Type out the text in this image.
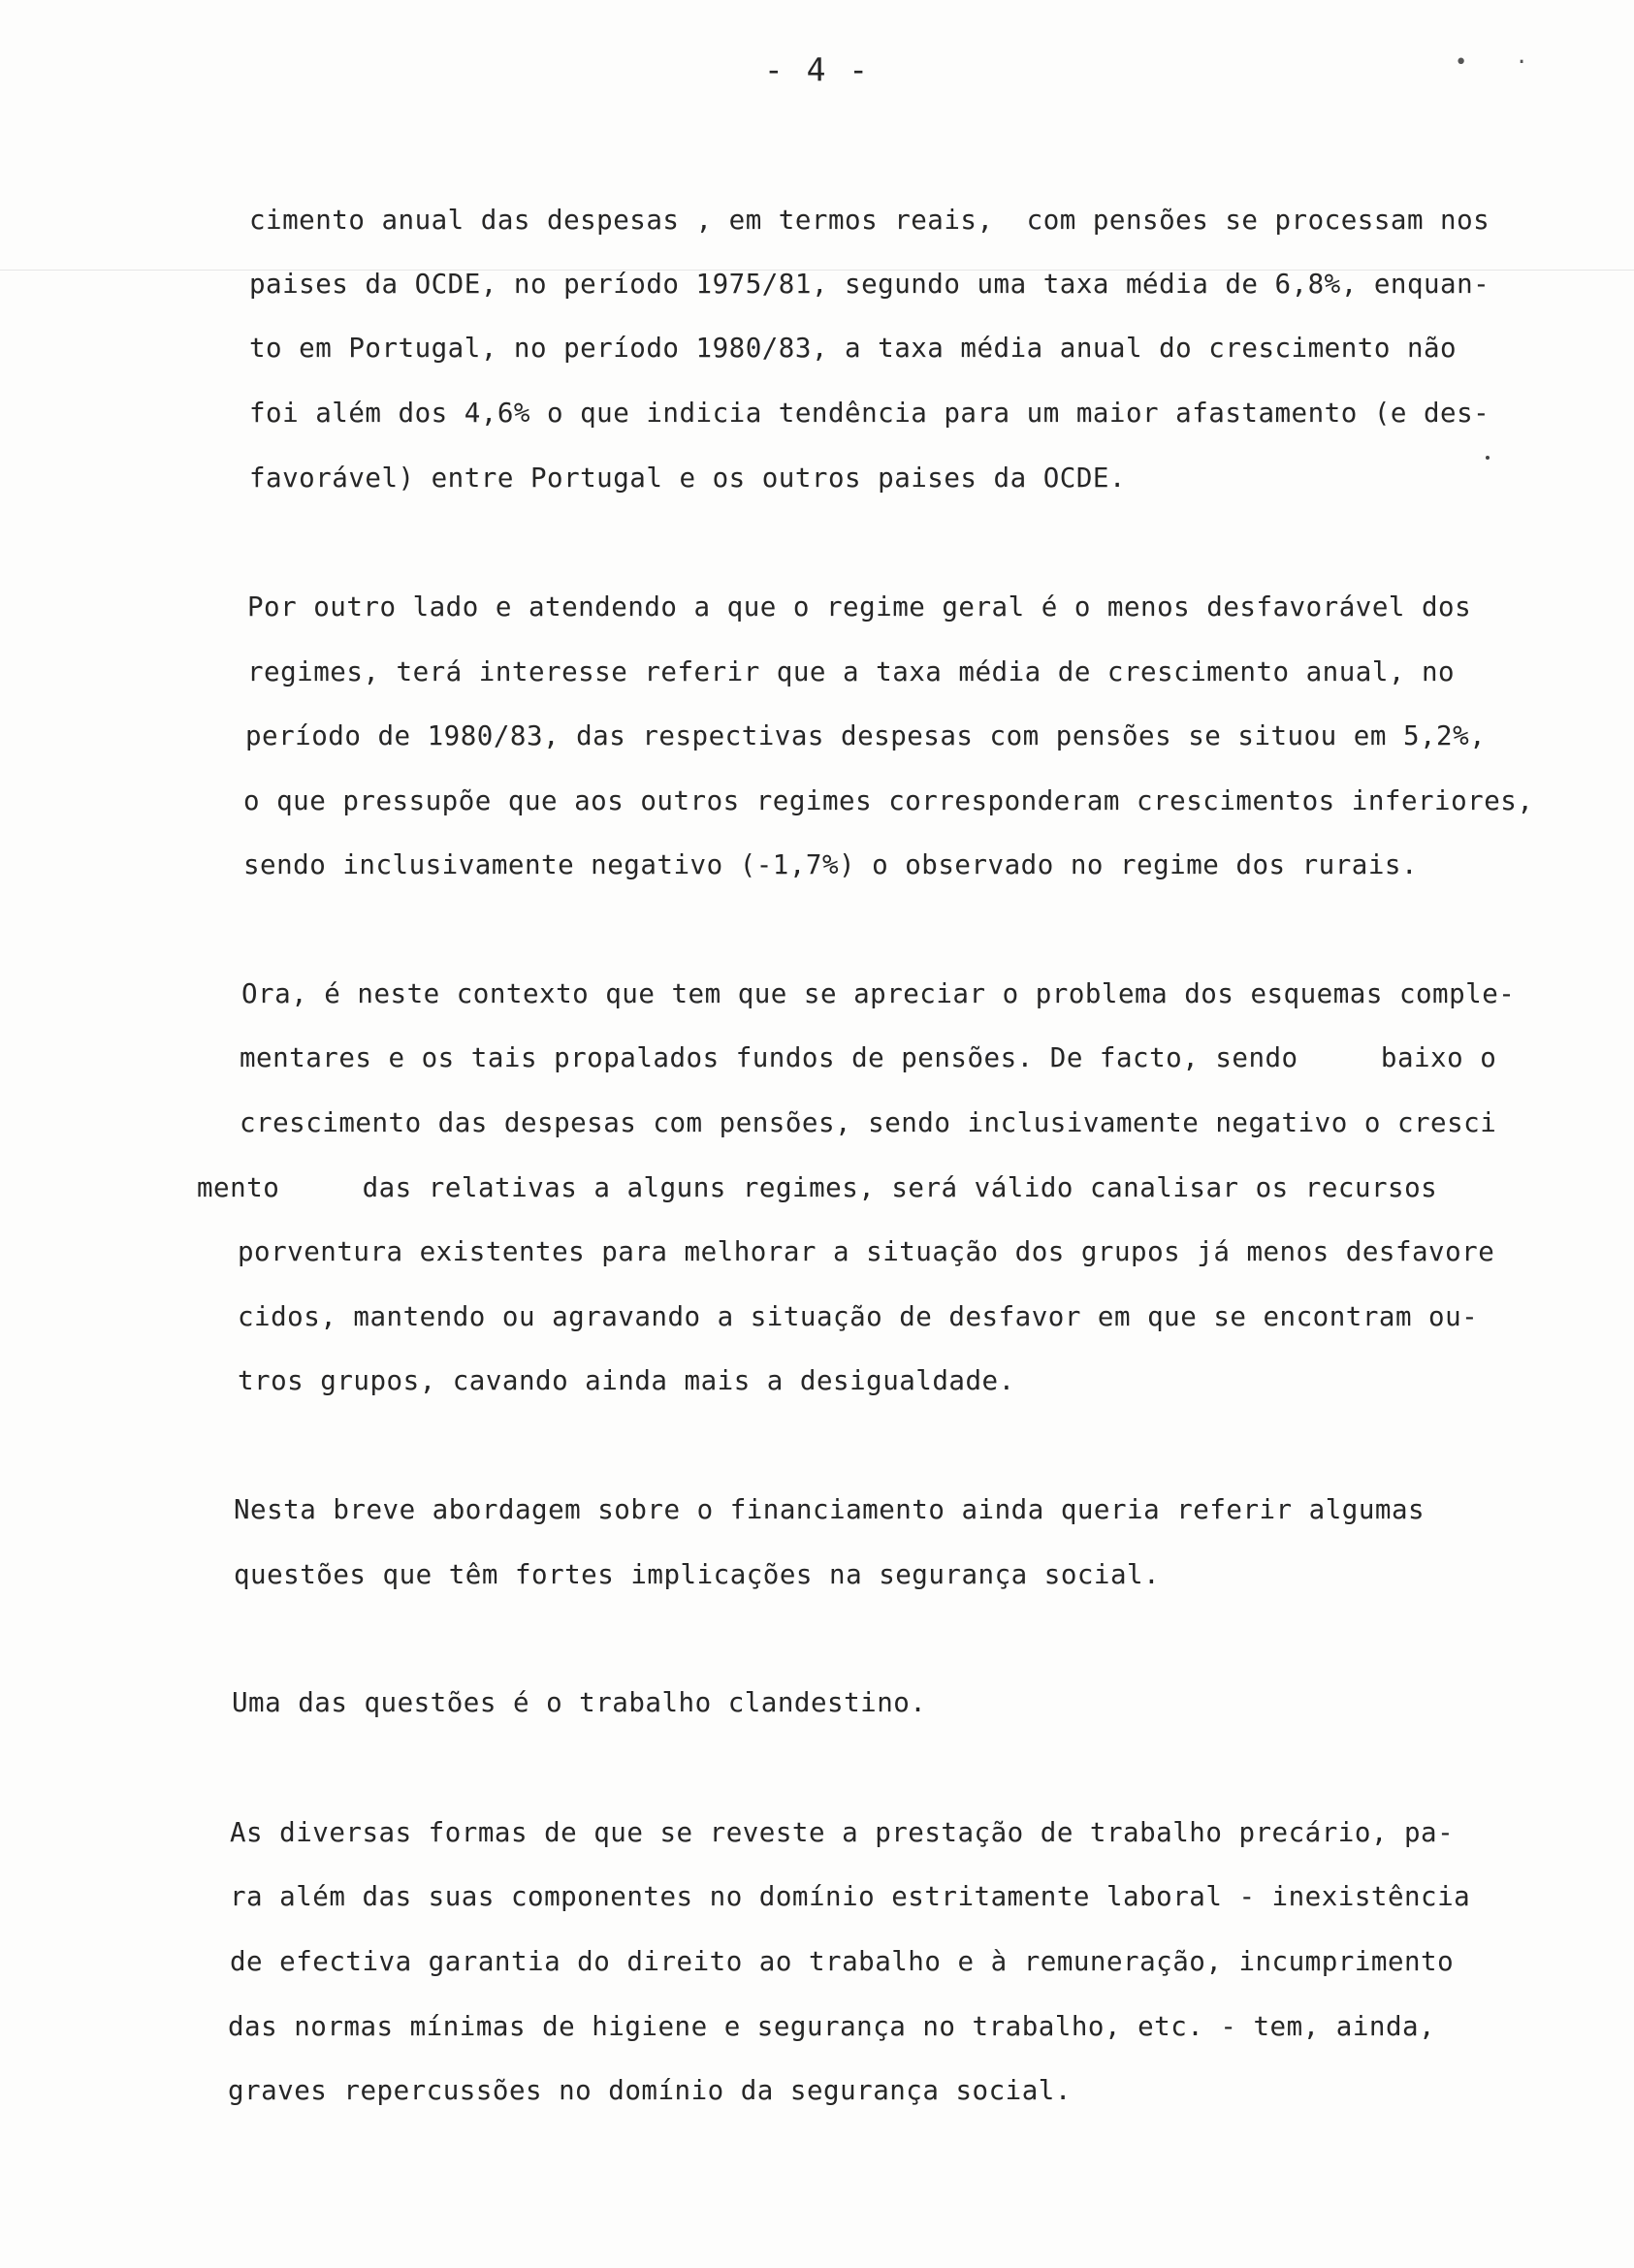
- 4 -	• ·
cimento anual das despesas , em termos reais,  com pensões se processam nos
paises da OCDE, no período 1975/81, segundo uma taxa média de 6,8%, enquan-
to em Portugal, no período 1980/83, a taxa média anual do crescimento não
foi além dos 4,6% o que indicia tendência para um maior afastamento (e des-
favorável) entre Portugal e os outros paises da OCDE.
Por outro lado e atendendo a que o regime geral é o menos desfavorável dos
regimes, terá interesse referir que a taxa média de crescimento anual, no
período de 1980/83, das respectivas despesas com pensões se situou em 5,2%,
o que pressupõe que aos outros regimes corresponderam crescimentos inferiores,
sendo inclusivamente negativo (-1,7%) o observado no regime dos rurais.
Ora, é neste contexto que tem que se apreciar o problema dos esquemas comple-
mentares e os tais propalados fundos de pensões. De facto, sendo     baixo o
crescimento das despesas com pensões, sendo inclusivamente negativo o cresci
mento     das relativas a alguns regimes, será válido canalisar os recursos
porventura existentes para melhorar a situação dos grupos já menos desfavore
cidos, mantendo ou agravando a situação de desfavor em que se encontram ou-
tros grupos, cavando ainda mais a desigualdade.
Nesta breve abordagem sobre o financiamento ainda queria referir algumas
questões que têm fortes implicações na segurança social.
Uma das questões é o trabalho clandestino.
As diversas formas de que se reveste a prestação de trabalho precário, pa-
ra além das suas componentes no domínio estritamente laboral - inexistência
de efectiva garantia do direito ao trabalho e à remuneração, incumprimento
das normas mínimas de higiene e segurança no trabalho, etc. - tem, ainda,
graves repercussões no domínio da segurança social.
